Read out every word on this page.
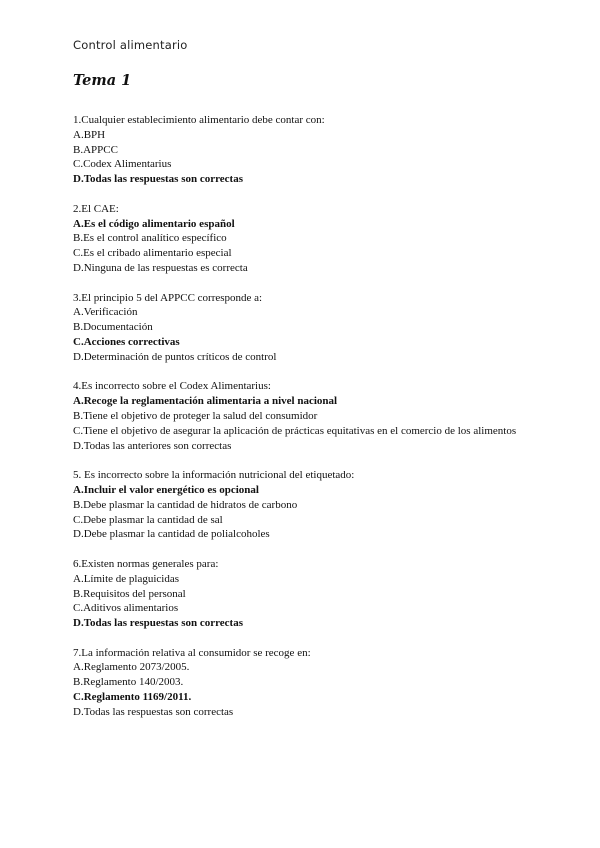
Control alimentario
Tema 1
1.Cualquier establecimiento alimentario debe contar con:
A.BPH
B.APPCC
C.Codex Alimentarius
D.Todas las respuestas son correctas
2.El CAE:
A.Es el código alimentario español
B.Es el control analítico específico
C.Es el cribado alimentario especial
D.Ninguna de las respuestas es correcta
3.El principio 5 del APPCC corresponde a:
A.Verificación
B.Documentación
C.Acciones correctivas
D.Determinación de puntos críticos de control
4.Es incorrecto sobre el Codex Alimentarius:
A.Recoge la reglamentación alimentaria a nivel nacional
B.Tiene el objetivo de proteger la salud del consumidor
C.Tiene el objetivo de asegurar la aplicación de prácticas equitativas en el comercio de los alimentos
D.Todas las anteriores son correctas
5. Es incorrecto sobre la información nutricional del etiquetado:
A.Incluir el valor energético es opcional
B.Debe plasmar la cantidad de hidratos de carbono
C.Debe plasmar la cantidad de sal
D.Debe plasmar la cantidad de polialcoholes
6.Existen normas generales para:
A.Límite de plaguicidas
B.Requisitos del personal
C.Aditivos alimentarios
D.Todas las respuestas son correctas
7.La información relativa al consumidor se recoge en:
A.Reglamento 2073/2005.
B.Reglamento 140/2003.
C.Reglamento 1169/2011.
D.Todas las respuestas son correctas
